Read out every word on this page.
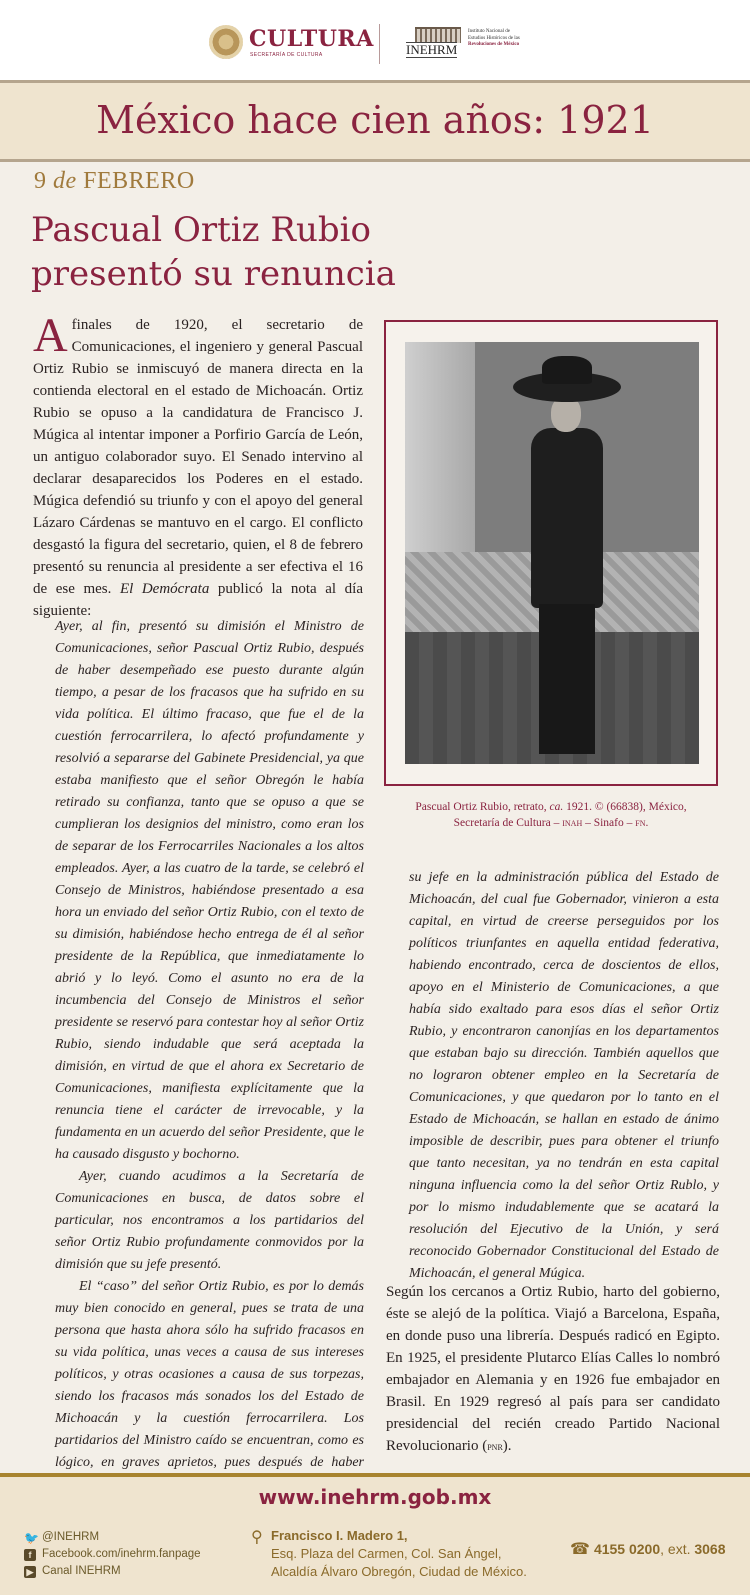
CULTURA
SECRETARÍA DE CULTURA	INEHRM
Instituto Nacional de
Estudios Históricos de las
Revoluciones de México
México hace cien años: 1921
9 de FEBRERO
Pascual Ortiz Rubio presentó su renuncia

A finales de 1920, el secretario de Comunicaciones, el ingeniero y general Pascual Ortiz Rubio se inmiscuyó de manera directa en la contienda electoral en el estado de Michoacán. Ortiz Rubio se opuso a la candidatura de Francisco J. Múgica al intentar imponer a Porfirio García de León, un antiguo colaborador suyo. El Senado intervino al declarar desaparecidos los Poderes en el estado. Múgica defendió su triunfo y con el apoyo del general Lázaro Cárdenas se mantuvo en el cargo. El conflicto desgastó la figura del secretario, quien, el 8 de febrero presentó su renuncia al presidente a ser efectiva el 16 de ese mes. El Demócrata publicó la nota al día siguiente:

Ayer, al fin, presentó su dimisión el Ministro de Comunicaciones, señor Pascual Ortiz Rubio, después de haber desempeñado ese puesto durante algún tiempo, a pesar de los fracasos que ha sufrido en su vida política. El último fracaso, que fue el de la cuestión ferrocarrilera, lo afectó profundamente y resolvió a separarse del Gabinete Presidencial, ya que estaba manifiesto que el señor Obregón le había retirado su confianza, tanto que se opuso a que se cumplieran los designios del ministro, como eran los de separar de los Ferrocarriles Nacionales a los altos empleados. Ayer, a las cuatro de la tarde, se celebró el Consejo de Ministros, habiéndose presentado a esa hora un enviado del señor Ortiz Rubio, con el texto de su dimisión, habiéndose hecho entrega de él al señor presidente de la República, que inmediatamente lo abrió y lo leyó. Como el asunto no era de la incumbencia del Consejo de Ministros el señor presidente se reservó para contestar hoy al señor Ortiz Rubio, siendo indudable que será aceptada la dimisión, en virtud de que el ahora ex Secretario de Comunicaciones, manifiesta explícitamente que la renuncia tiene el carácter de irrevocable, y la fundamenta en un acuerdo del señor Presidente, que le ha causado disgusto y bochorno.

Ayer, cuando acudimos a la Secretaría de Comunicaciones en busca, de datos sobre el particular, nos encontramos a los partidarios del señor Ortiz Rubio profundamente conmovidos por la dimisión que su jefe presentó.

El “caso” del señor Ortiz Rubio, es por lo demás muy bien conocido en general, pues se trata de una persona que hasta ahora sólo ha sufrido fracasos en su vida política, unas veces a causa de sus intereses políticos, y otras ocasiones a causa de sus torpezas, siendo los fracasos más sonados los del Estado de Michoacán y la cuestión ferrocarrilera. Los partidarios del Ministro caído se encuentran, como es lógico, en graves aprietos, pues después de haber

Pascual Ortiz Rubio, retrato, ca. 1921. © (66838), México,
Secretaría de Cultura – inah – Sinafo – fn.

su jefe en la administración pública del Estado de Michoacán, del cual fue Gobernador, vinieron a esta capital, en virtud de creerse perseguidos por los políticos triunfantes en aquella entidad federativa, habiendo encontrado, cerca de doscientos de ellos, apoyo en el Ministerio de Comunicaciones, a que había sido exaltado para esos días el señor Ortiz Rubio, y encontraron canonjías en los departamentos que estaban bajo su dirección. También aquellos que no lograron obtener empleo en la Secretaría de Comunicaciones, y que quedaron por lo tanto en el Estado de Michoacán, se hallan en estado de ánimo imposible de describir, pues para obtener el triunfo que tanto necesitan, ya no tendrán en esta capital ninguna influencia como la del señor Ortiz Rublo, y por lo mismo indudablemente que se acatará la resolución del Ejecutivo de la Unión, y será reconocido Gobernador Constitucional del Estado de Michoacán, el general Múgica.

Según los cercanos a Ortiz Rubio, harto del gobierno, éste se alejó de la política. Viajó a Barcelona, España, en donde puso una librería. Después radicó en Egipto. En 1925, el presidente Plutarco Elías Calles lo nombró embajador en Alemania y en 1926 fue embajador en Brasil. En 1929 regresó al país para ser candidato presidencial del recién creado Partido Nacional Revolucionario (pnr).

www.inehrm.gob.mx
🐦 @INEHRM
f Facebook.com/inehrm.fanpage
▶ Canal INEHRM
⚲ Francisco I. Madero 1,
Esq. Plaza del Carmen, Col. San Ángel,
Alcaldía Álvaro Obregón, Ciudad de México.
☎ 4155 0200, ext. 3068
